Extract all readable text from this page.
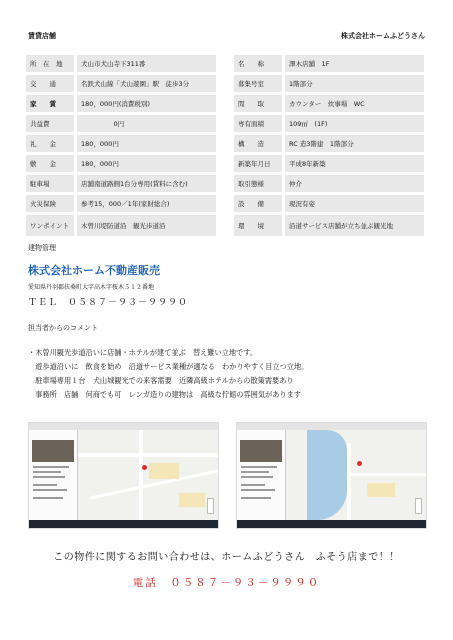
賃貸店舗	株式会社ホームふどうさん
所　在　地		犬山市犬山寺下311番
交　　通		名鉄犬山線「犬山遊園」駅　徒歩3分
家　　賃		180，000円(消費税別)
共益費		　　　　　0円
礼　　金		180，000円
敷　　金		180，000円
駐車場		店舗南道路側1台分専用(賃料に含む)
火災保険		参考15，000／1年(家財総合)
ワンポイント		木曽川堤防道沿　観光歩道沿
名　　称		澤木店舗　1F
募集号室		1階部分
間　　取		カウンター　炊事場　WC
専有面積		109㎡　(1F)
構　　造		RC 造3階建　1階部分
新築年月日		平成8年新築
取引態様		仲介
設　　備		現況有姿
環　　境		沿道サービス店舗が立ち並ぶ観光地
建物管理
株式会社ホーム不動産販売
愛知県丹羽郡扶桑町大字高木字桜木５１２番地
ＴＥＬ　０５８７－９３－９９９０
担当者からのコメント
・木曽川観光歩道沿いに店舗・ホテルが建て並ぶ　替え難い立地です。
　遊歩道沿いに　飲食を始め　沿道サービス業種が適なる　わかりやすく目立つ立地。
　駐車場専用１台　犬山城観光での来客需要　近隣高級ホテルからの散策需要あり
　事務所　店舗　何商でも可　レンガ造りの建物は　高級な佇館の雰囲気があります
この物件に関するお問い合わせは、ホームふどうさん　ふそう店まで！！
電話　０５８７－９３－９９９０
